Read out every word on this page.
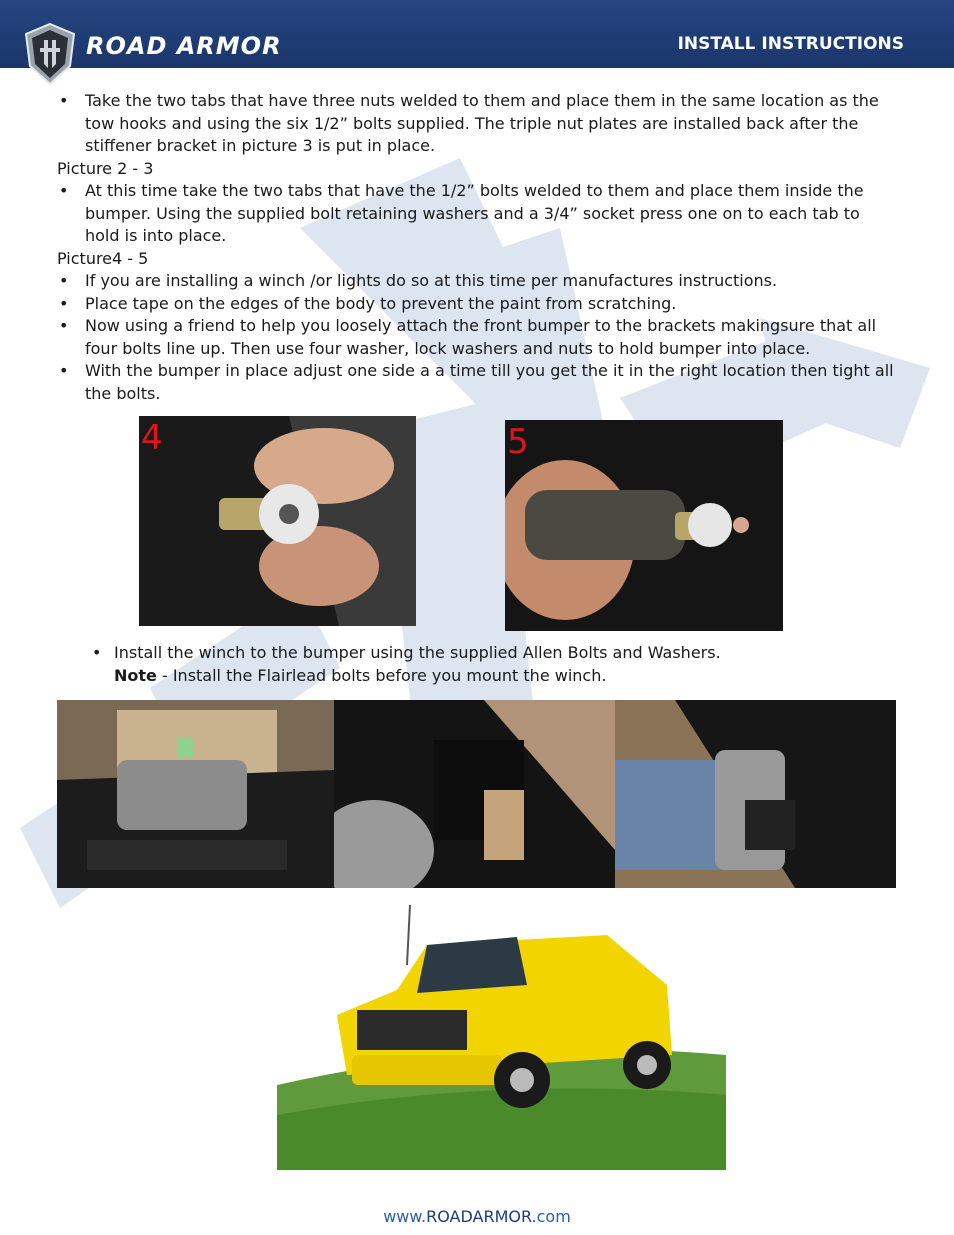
ROAD ARMOR	INSTALL INSTRUCTIONS
• Take the two tabs that have three nuts welded to them and place them in the same location as the tow hooks and using the six 1/2” bolts supplied. The triple nut plates are installed back after the stiffener bracket in picture 3 is put in place.
Picture 2 - 3
• At this time take the two tabs that have the 1/2” bolts welded to them and place them inside the bumper. Using the supplied bolt retaining washers and a 3/4” socket press one on to each tab to hold is into place.
Picture4 - 5
• If you are installing a winch /or lights do so at this time per manufactures instructions.
• Place tape on the edges of the body to prevent the paint from scratching.
• Now using a friend to help you loosely attach the front bumper to the brackets makingsure that all four bolts line up. Then use four washer, lock washers and nuts to hold bumper into place.
• With the bumper in place adjust one side a a time till you get the it in the right location then tight all the bolts.
4	5
• Install the winch to the bumper using the supplied Allen Bolts and Washers.
Note - Install the Flairlead bolts before you mount the winch.
www.ROADARMOR.com
